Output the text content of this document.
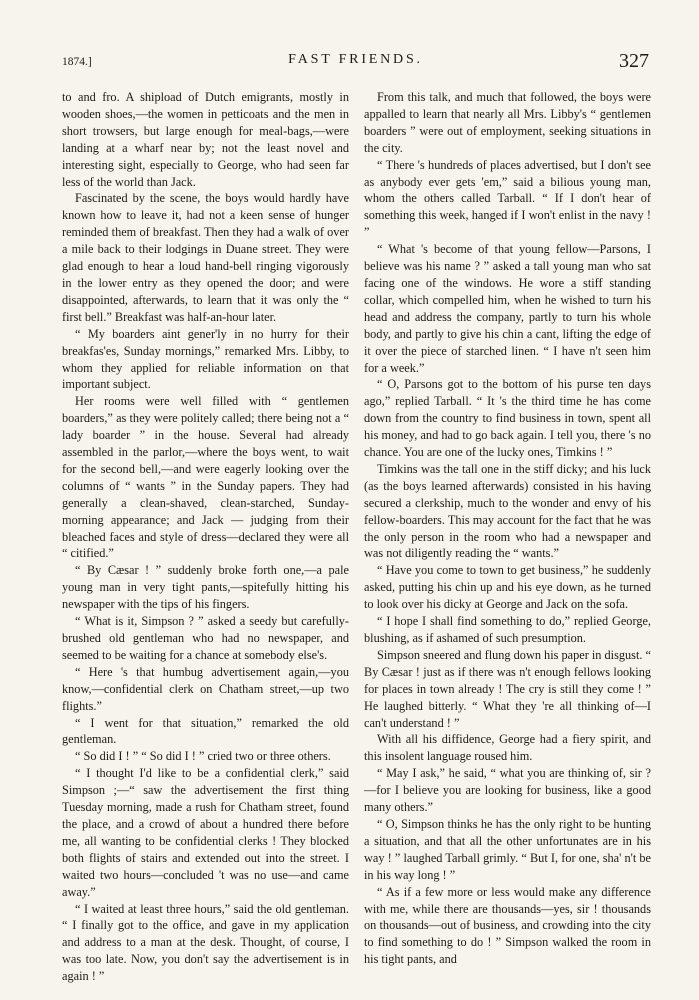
1874.]	FAST FRIENDS.	327

to and fro. A shipload of Dutch emigrants, mostly in wooden shoes,—the women in petticoats and the men in short trowsers, but large enough for meal-bags,—were landing at a wharf near by; not the least novel and interesting sight, especially to George, who had seen far less of the world than Jack.

Fascinated by the scene, the boys would hardly have known how to leave it, had not a keen sense of hunger reminded them of breakfast. Then they had a walk of over a mile back to their lodgings in Duane street. They were glad enough to hear a loud hand-bell ringing vigorously in the lower entry as they opened the door; and were disappointed, afterwards, to learn that it was only the “ first bell.” Breakfast was half-an-hour later.

“ My boarders aint gener'ly in no hurry for their breakfas'es, Sunday mornings,” remarked Mrs. Libby, to whom they applied for reliable information on that important subject.

Her rooms were well filled with “ gentlemen boarders,” as they were politely called; there being not a “ lady boarder ” in the house. Several had already assembled in the parlor,—where the boys went, to wait for the second bell,—and were eagerly looking over the columns of “ wants ” in the Sunday papers. They had generally a clean-shaved, clean-starched, Sunday-morning appearance; and Jack — judging from their bleached faces and style of dress—declared they were all “ citified.”

“ By Cæsar ! ” suddenly broke forth one,—a pale young man in very tight pants,—spitefully hitting his newspaper with the tips of his fingers.

“ What is it, Simpson ? ” asked a seedy but carefully-brushed old gentleman who had no newspaper, and seemed to be waiting for a chance at somebody else's.

“ Here 's that humbug advertisement again,—you know,—confidential clerk on Chatham street,—up two flights.”

“ I went for that situation,” remarked the old gentleman.

“ So did I ! ” “ So did I ! ” cried two or three others.

“ I thought I'd like to be a confidential clerk,” said Simpson ;—“ saw the advertisement the first thing Tuesday morning, made a rush for Chatham street, found the place, and a crowd of about a hundred there before me, all wanting to be confidential clerks ! They blocked both flights of stairs and extended out into the street. I waited two hours—concluded 't was no use—and came away.”

“ I waited at least three hours,” said the old gentleman. “ I finally got to the office, and gave in my application and address to a man at the desk. Thought, of course, I was too late. Now, you don't say the advertisement is in again ! ”

From this talk, and much that followed, the boys were appalled to learn that nearly all Mrs. Libby's “ gentlemen boarders ” were out of employment, seeking situations in the city.

“ There 's hundreds of places advertised, but I don't see as anybody ever gets 'em,” said a bilious young man, whom the others called Tarball. “ If I don't hear of something this week, hanged if I won't enlist in the navy ! ”

“ What 's become of that young fellow—Parsons, I believe was his name ? ” asked a tall young man who sat facing one of the windows. He wore a stiff standing collar, which compelled him, when he wished to turn his head and address the company, partly to turn his whole body, and partly to give his chin a cant, lifting the edge of it over the piece of starched linen. “ I have n't seen him for a week.”

“ O, Parsons got to the bottom of his purse ten days ago,” replied Tarball. “ It 's the third time he has come down from the country to find business in town, spent all his money, and had to go back again. I tell you, there 's no chance. You are one of the lucky ones, Timkins ! ”

Timkins was the tall one in the stiff dicky; and his luck (as the boys learned afterwards) consisted in his having secured a clerkship, much to the wonder and envy of his fellow-boarders. This may account for the fact that he was the only person in the room who had a newspaper and was not diligently reading the “ wants.”

“ Have you come to town to get business,” he suddenly asked, putting his chin up and his eye down, as he turned to look over his dicky at George and Jack on the sofa.

“ I hope I shall find something to do,” replied George, blushing, as if ashamed of such presumption.

Simpson sneered and flung down his paper in disgust. “ By Cæsar ! just as if there was n't enough fellows looking for places in town already ! The cry is still they come ! ” He laughed bitterly. “ What they 're all thinking of—I can't understand ! ”

With all his diffidence, George had a fiery spirit, and this insolent language roused him.

“ May I ask,” he said, “ what you are thinking of, sir ?—for I believe you are looking for business, like a good many others.”

“ O, Simpson thinks he has the only right to be hunting a situation, and that all the other unfortunates are in his way ! ” laughed Tarball grimly. “ But I, for one, sha' n't be in his way long ! ”

“ As if a few more or less would make any difference with me, while there are thousands—yes, sir ! thousands on thousands—out of business, and crowding into the city to find something to do ! ” Simpson walked the room in his tight pants, and
